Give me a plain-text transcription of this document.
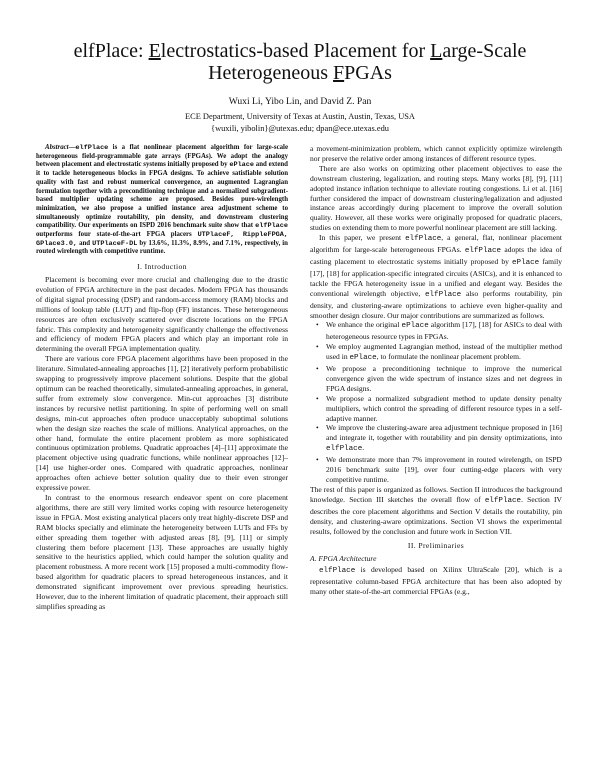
elfPlace: Electrostatics-based Placement for Large-Scale
Heterogeneous FPGAs
Wuxi Li, Yibo Lin, and David Z. Pan
ECE Department, University of Texas at Austin, Austin, Texas, USA
{wuxili, yibolin}@utexas.edu; dpan@ece.utexas.edu

Abstract—elfPlace is a flat nonlinear placement algorithm for large-scale heterogeneous field-programmable gate arrays (FPGAs). We adopt the analogy between placement and electrostatic systems initially proposed by ePlace and extend it to tackle heterogeneous blocks in FPGA designs. To achieve satisfiable solution quality with fast and robust numerical convergence, an augmented Lagrangian formulation together with a preconditioning technique and a normalized subgradient-based multiplier updating scheme are proposed. Besides pure-wirelength minimization, we also propose a unified instance area adjustment scheme to simultaneously optimize routability, pin density, and downstream clustering compatibility. Our experiments on ISPD 2016 benchmark suite show that elfPlace outperforms four state-of-the-art FPGA placers UTPlaceF, RippleFPGA, GPlace3.0, and UTPlaceF-DL by 13.6%, 11.3%, 8.9%, and 7.1%, respectively, in routed wirelength with competitive runtime.

I. Introduction

Placement is becoming ever more crucial and challenging due to the drastic evolution of FPGA architecture in the past decades. Modern FPGA has thousands of digital signal processing (DSP) and random-access memory (RAM) blocks and millions of lookup table (LUT) and flip-flop (FF) instances. These heterogeneous resources are often exclusively scattered over discrete locations on the FPGA fabric. This complexity and heterogeneity significantly challenge the effectiveness and efficiency of modern FPGA placers and which play an important role in determining the overall FPGA implementation quality.

There are various core FPGA placement algorithms have been proposed in the literature. Simulated-annealing approaches [1], [2] iteratively perform probabilistic swapping to progressively improve placement solutions. Despite that the global optimum can be reached theoretically, simulated-annealing approaches, in general, suffer from extremely slow convergence. Min-cut approaches [3] distribute instances by recursive netlist partitioning. In spite of performing well on small designs, min-cut approaches often produce unacceptably suboptimal solutions when the design size reaches the scale of millions. Analytical approaches, on the other hand, formulate the entire placement problem as more sophisticated continuous optimization problems. Quadratic approaches [4]–[11] approximate the placement objective using quadratic functions, while nonlinear approaches [12]–[14] use higher-order ones. Compared with quadratic approaches, nonlinear approaches often achieve better solution quality due to their even stronger expressive power.

In contrast to the enormous research endeavor spent on core placement algorithms, there are still very limited works coping with resource heterogeneity issue in FPGA. Most existing analytical placers only treat highly-discrete DSP and RAM blocks specially and eliminate the heterogeneity between LUTs and FFs by either spreading them together with adjusted areas [8], [9], [11] or simply clustering them before placement [13]. These approaches are usually highly sensitive to the heuristics applied, which could hamper the solution quality and placement robustness. A more recent work [15] proposed a multi-commodity flow-based algorithm for quadratic placers to spread heterogeneous instances, and it demonstrated significant improvement over previous spreading heuristics. However, due to the inherent limitation of quadratic placement, their approach still simplifies spreading as

a movement-minimization problem, which cannot explicitly optimize wirelength nor preserve the relative order among instances of different resource types.

There are also works on optimizing other placement objectives to ease the downstream clustering, legalization, and routing steps. Many works [8], [9], [11] adopted instance inflation technique to alleviate routing congestions. Li et al. [16] further considered the impact of downstream clustering/legalization and adjusted instance areas accordingly during placement to improve the overall solution quality. However, all these works were originally proposed for quadratic placers, studies on extending them to more powerful nonlinear placement are still lacking.

In this paper, we present elfPlace, a general, flat, nonlinear placement algorithm for large-scale heterogeneous FPGAs. elfPlace adopts the idea of casting placement to electrostatic systems initially proposed by ePlace family [17], [18] for application-specific integrated circuits (ASICs), and it is enhanced to tackle the FPGA heterogeneity issue in a unified and elegant way. Besides the conventional wirelength objective, elfPlace also performs routability, pin density, and clustering-aware optimizations to achieve even higher-quality and smoother design closure. Our major contributions are summarized as follows.

• We enhance the original ePlace algorithm [17], [18] for ASICs to deal with heterogeneous resource types in FPGAs.
• We employ augmented Lagrangian method, instead of the multiplier method used in ePlace, to formulate the nonlinear placement problem.
• We propose a preconditioning technique to improve the numerical convergence given the wide spectrum of instance sizes and net degrees in FPGA designs.
• We propose a normalized subgradient method to update density penalty multipliers, which control the spreading of different resource types in a self-adaptive manner.
• We improve the clustering-aware area adjustment technique proposed in [16] and integrate it, together with routability and pin density optimizations, into elfPlace.
• We demonstrate more than 7% improvement in routed wirelength, on ISPD 2016 benchmark suite [19], over four cutting-edge placers with very competitive runtime.

The rest of this paper is organized as follows. Section II introduces the background knowledge. Section III sketches the overall flow of elfPlace. Section IV describes the core placement algorithms and Section V details the routability, pin density, and clustering-aware optimizations. Section VI shows the experimental results, followed by the conclusion and future work in Section VII.

II. Preliminaries
A. FPGA Architecture

elfPlace is developed based on Xilinx UltraScale [20], which is a representative column-based FPGA architecture that has been also adopted by many other state-of-the-art commercial FPGAs (e.g.,
